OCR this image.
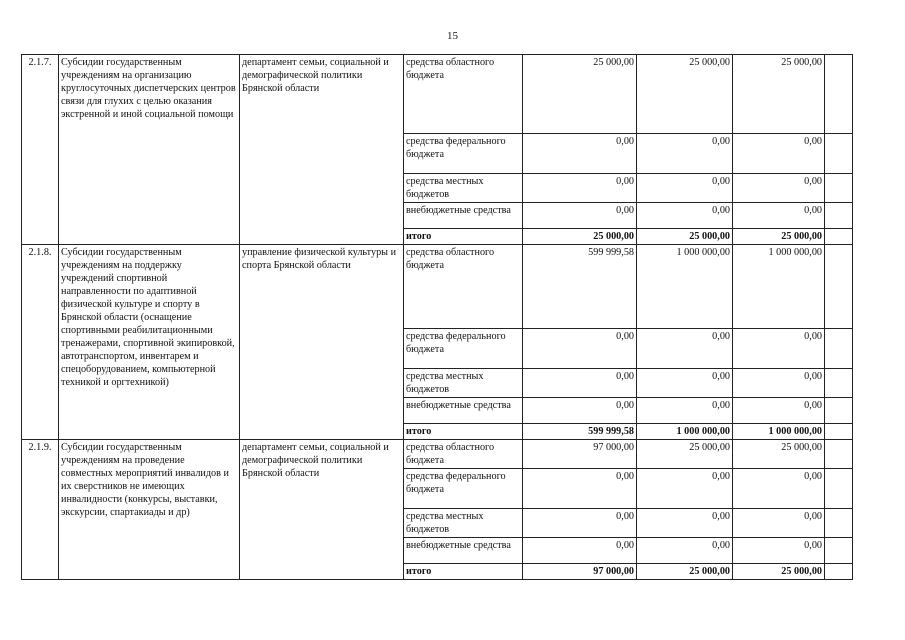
15
2.1.7.	Субсидии государственным учреждениям на организацию круглосуточных диспетчерских центров связи для глухих с целью оказания экстренной и иной социальной помощи	департамент семьи, социальной и демографической политики Брянской области	средства областного бюджета	25 000,00	25 000,00	25 000,00	
			средства федерального бюджета	0,00	0,00	0,00	
			средства местных бюджетов	0,00	0,00	0,00	
			внебюджетные средства	0,00	0,00	0,00	
			итого	25 000,00	25 000,00	25 000,00	
2.1.8.	Субсидии государственным учреждениям на поддержку учреждений спортивной направленности по адаптивной физической культуре и спорту в Брянской области (оснащение спортивными реабилитационными тренажерами, спортивной экипировкой, автотранспортом, инвентарем и спецоборудованием, компьютерной техникой и оргтехникой)	управление физической культуры и спорта Брянской области	средства областного бюджета	599 999,58	1 000 000,00	1 000 000,00	
			средства федерального бюджета	0,00	0,00	0,00	
			средства местных бюджетов	0,00	0,00	0,00	
			внебюджетные средства	0,00	0,00	0,00	
			итого	599 999,58	1 000 000,00	1 000 000,00	
2.1.9.	Субсидии государственным учреждениям на проведение совместных мероприятий инвалидов и их сверстников не имеющих инвалидности (конкурсы, выставки, экскурсии, спартакиады и др)	департамент семьи, социальной и демографической политики Брянской области	средства областного бюджета	97 000,00	25 000,00	25 000,00	
			средства федерального бюджета	0,00	0,00	0,00	
			средства местных бюджетов	0,00	0,00	0,00	
			внебюджетные средства	0,00	0,00	0,00	
			итого	97 000,00	25 000,00	25 000,00	
